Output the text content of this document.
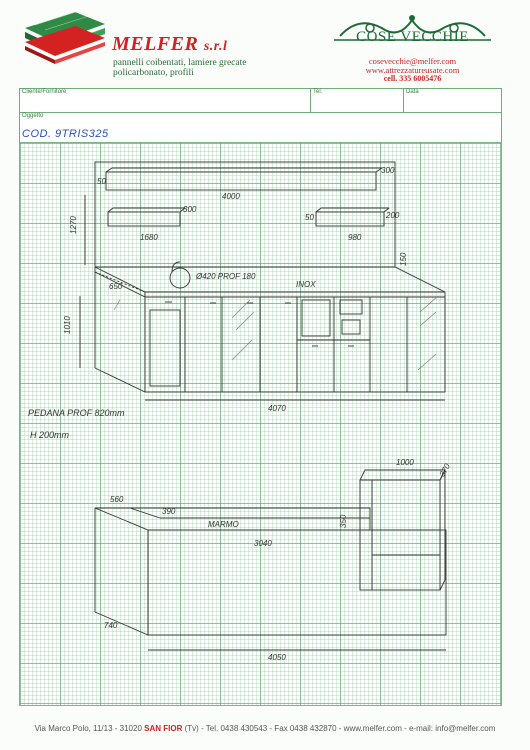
MELFER s.r.l
pannelli coibentati, lamiere grecate
policarbonato, profili
COSE VECCHIE
cosevecchie@melfer.com
www.attrezzatureusate.com
cell. 335 6005476
Cliente/Fornitore	Tel.	Data
Oggetto
COD. 9TRIS325
4000
50
300
1270
1680
300
980
50	200
150
650
1010
Ø420 PROF 180
INOX
4070
PEDANA PROF 820mm
H 200mm
1000	370
560
390
MARMO	350
3040
740
4050
Via Marco Polo, 11/13 - 31020 SAN FIOR (Tv) - Tel. 0438 430543 - Fax 0438 432870 - www.melfer.com - e-mail: info@melfer.com
